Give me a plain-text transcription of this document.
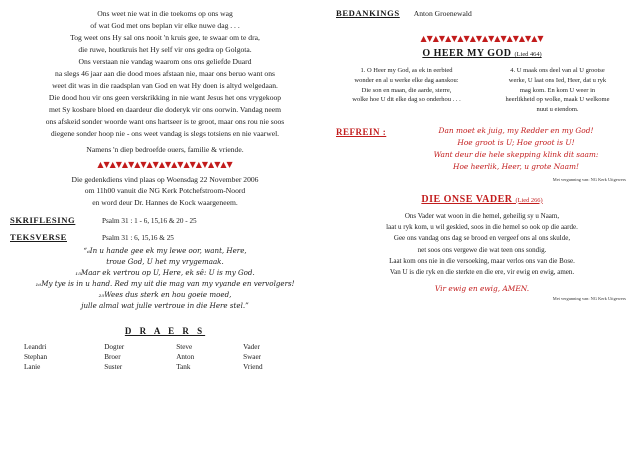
Ons weet nie wat in die toekoms op ons wag

of wat God met ons beplan vir elke nuwe dag . . .

Tog weet ons Hy sal ons nooit 'n kruis gee, te swaar om te dra,

die ruwe, houtkruis het Hy self vir ons gedra op Golgota.

Ons verstaan nie vandag waarom ons ons geliefde Duard

na slegs 46 jaar aan die dood moes afstaan nie, maar ons beruo want ons

weet dit was in die raadsplan van God en wat Hy doen is altyd welgedaan.

Die dood hou vir ons geen verskrikking in nie want Jesus het ons vrygekoop

met Sy kosbare bloed en daardeur die doderyk vir ons oorwin. Vandag neem

ons afskeid sonder woorde want ons hartseer is te groot, maar ons rou nie soos

diegene sonder hoop nie - ons weet vandag is slegs totsiens en nie vaarwel.

Namens 'n diep bedroefde ouers, familie & vriende.

▲▼▲▼▲▼▲▼▲▼▲▼▲▼▲▼▲▼▲▼▲▼
Die gedenkdiens vind plaas op Woensdag 22 November 2006
om 11h00 vanuit die NG Kerk Potchefstroom-Noord
en word deur Dr. Hannes de Kock waargeneem.
SKRIFLESING	Psalm 31 : 1 - 6, 15,16 & 20 - 25
TEKSVERSE	Psalm 31 : 6, 15,16 & 25
“₆In u hande gee ek my lewe oor, want, Here,
troue God, U het my vrygemaak.
₁₅Maar ek vertrou op U, Here, ek sê: U is my God.
₁₆My tye is in u hand. Red my uit die mag van my vyande en vervolgers!
₂₅Wees dus sterk en hou goeie moed,
julle almal wat julle vertroue in die Here stel.”
D R A E R S
Leandri	Dogter	Steve	Vader
Stephan	Broer	Anton	Swaer
Lanie	Suster	Tank	Vriend
BEDANKINGS Anton Groenewald
▲▼▲▼▲▼▲▼▲▼▲▼▲▼▲▼▲▼▲▼
O HEER MY GOD (Lied 464)
1. O Heer my God, as ek in eerbied
wonder en al u werke elke dag aanskou:
Die son en maan, die aarde, sterre,
wolke hoe U dit elke dag so onderhou . . .
4. U maak ons deel van al U grootse
werke, U laat ons Ied, Heer, dat u ryk
mag kom. En kom U weer in
heerlikheid op wolke, maak U welkome
nuut u eiendom.
REFREIN :	Dan moet ek juig, my Redder en my God!
Hoe groot is U; Hoe groot is U!
Want deur die hele skepping klink dit saam:
Hoe heerlik, Heer, u grote Naam!
Met vergunning van: NG Kerk Uitgewers
DIE ONSE VADER (Lied 266)
Ons Vader wat woon in die hemel, geheilig sy u Naam,
laat u ryk kom, u wil geskied, soos in die hemel so ook op die aarde.
Gee ons vandag ons dag se brood en vergeef ons al ons skulde,
net soos ons vergewe die wat teen ons sondig.
Laat kom ons nie in die versoeking, maar verlos ons van die Bose.
Van U is die ryk en die sterkte en die ere, vir ewig en ewig, amen.
Vir ewig en ewig, AMEN.
Met vergunning van: NG Kerk Uitgewers
